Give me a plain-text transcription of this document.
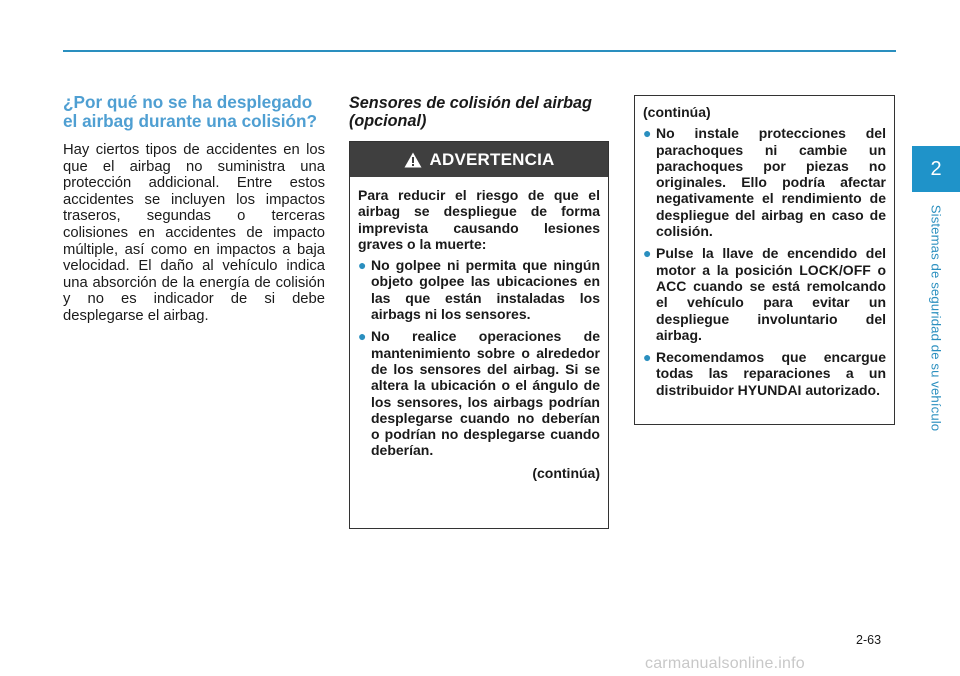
¿Por qué no se ha desplegado el airbag durante una colisión?

Hay ciertos tipos de accidentes en los que el airbag no suministra una protección addicional. Entre estos accidentes se incluyen los impactos traseros, segundas o terceras colisiones en accidentes de impacto múltiple, así como en impactos a baja velocidad. El daño al vehículo indica una absorción de la energía de colisión y no es indicador de si debe desplegarse el airbag.

Sensores de colisión del airbag (opcional)
ADVERTENCIA

Para reducir el riesgo de que el airbag se despliegue de forma imprevista causando lesiones graves o la muerte:

● No golpee ni permita que ningún objeto golpee las ubicaciones en las que están instaladas los airbags ni los sensores.
● No realice operaciones de mantenimiento sobre o alrededor de los sensores del airbag. Si se altera la ubicación o el ángulo de los sensores, los airbags podrían desplegarse cuando no deberían o podrían no desplegarse cuando deberían.

(continúa)

(continúa)

● No instale protecciones del parachoques ni cambie un parachoques por piezas no originales. Ello podría afectar negativamente el rendimiento de despliegue del airbag en caso de colisión.
● Pulse la llave de encendido del motor a la posición LOCK/OFF o ACC cuando se está remolcando el vehículo para evitar un despliegue involuntario del airbag.
● Recomendamos que encargue todas las reparaciones a un distribuidor HYUNDAI autorizado.
2
Sistemas de seguridad de su vehículo
2-63
carmanualsonline.info
